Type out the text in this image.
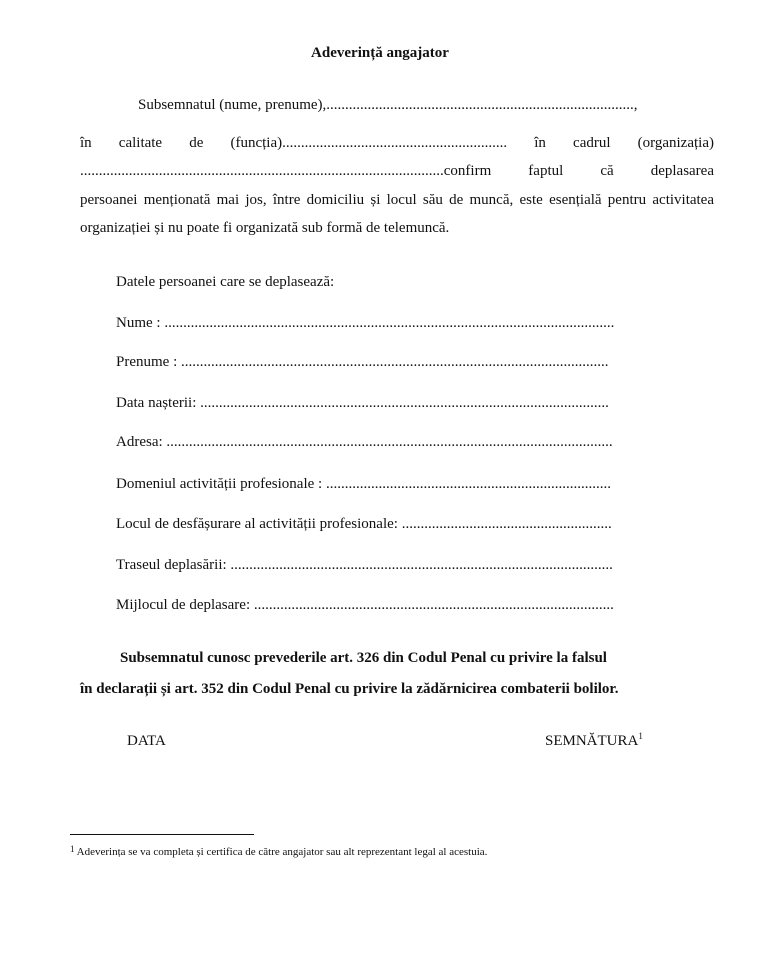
Adeverință angajator
Subsemnatul (nume, prenume),..................................................................................,
în calitate de (funcția)............................................................ în cadrul (organizația)
.................................................................................................confirm faptul că deplasarea
persoanei menționată mai jos, între domiciliu și locul său de muncă, este esențială pentru activitatea
organizației și nu poate fi organizată sub formă de telemuncă.
Datele persoanei care se deplasează:
Nume : ........................................................................................................................
Prenume : ..................................................................................................................
Data nașterii: .............................................................................................................
Adresa: .......................................................................................................................
Domeniul activității profesionale : ............................................................................
Locul de desfășurare al activității profesionale: ........................................................
Traseul deplasării: ......................................................................................................
Mijlocul de deplasare: ................................................................................................
Subsemnatul cunosc prevederile art. 326 din Codul Penal cu privire la falsul
în declarații și art. 352 din Codul Penal cu privire la zădărnicirea combaterii bolilor.
DATA	SEMNĂTURA$^1$
$^1$ Adeverința se va completa și certifica de către angajator sau alt reprezentant legal al acestuia.
